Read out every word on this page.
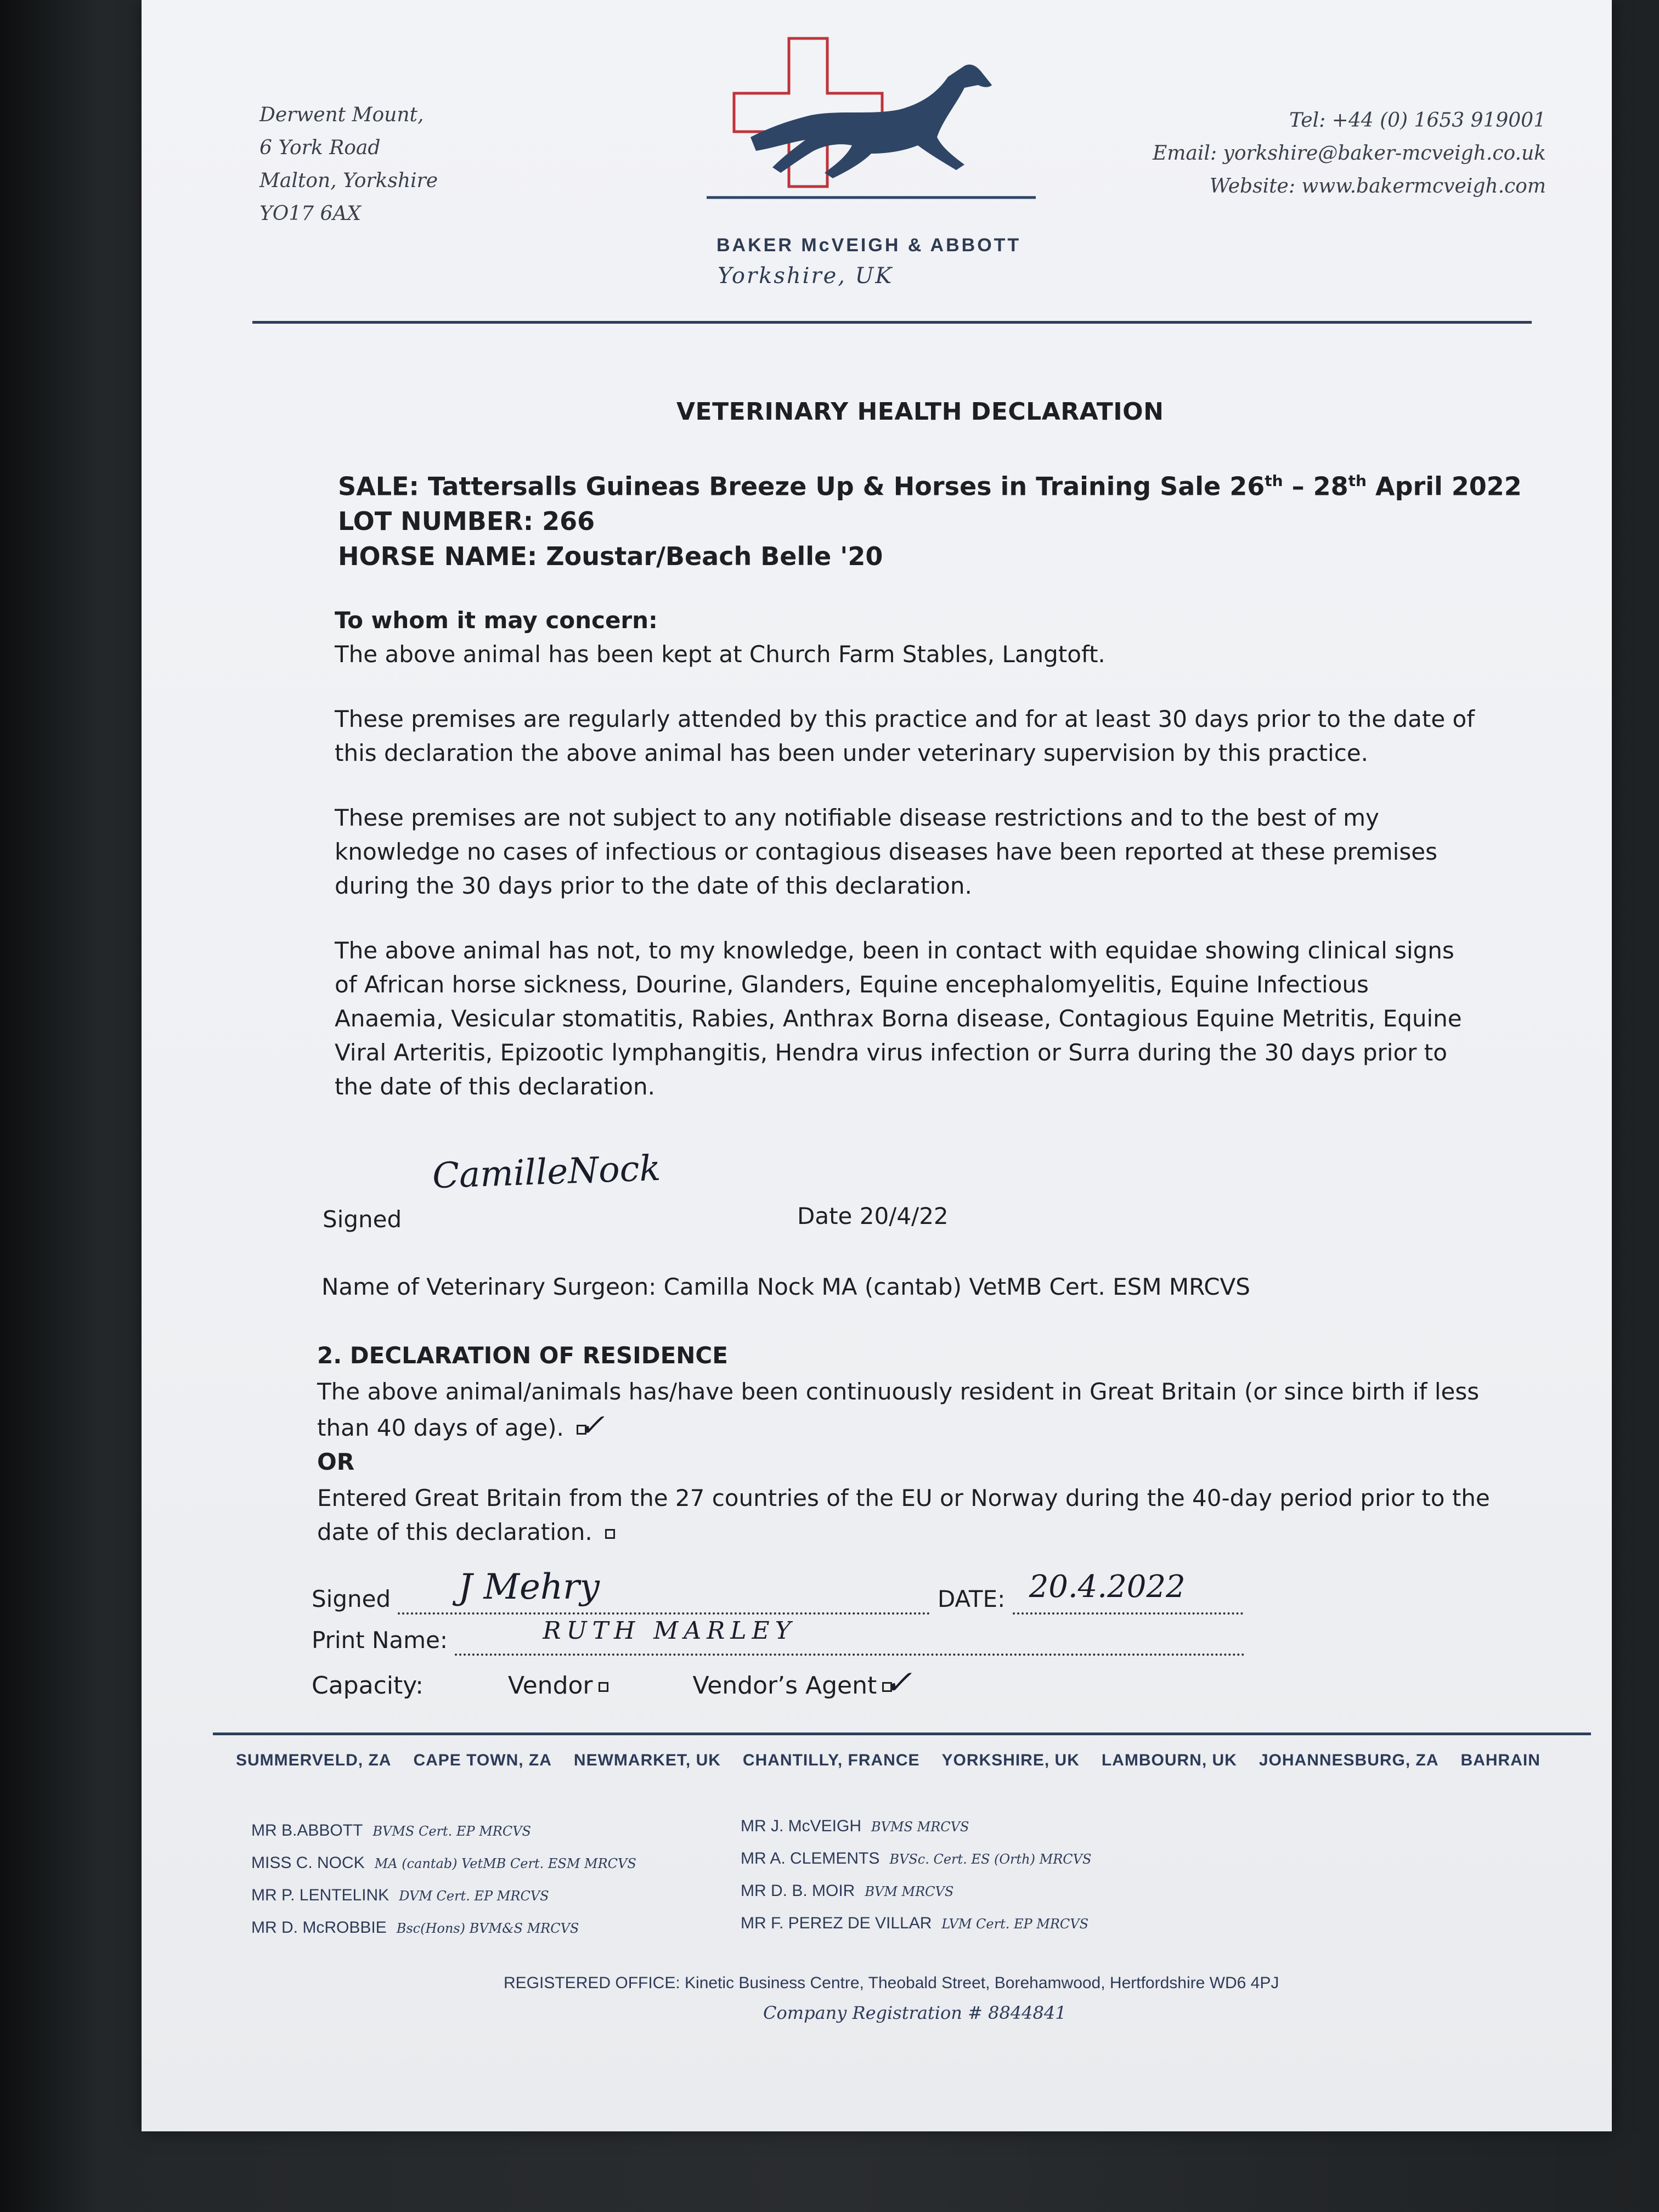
Derwent Mount,
6 York Road
Malton, Yorkshire
YO17 6AX
BAKER McVEIGH & ABBOTT
Yorkshire, UK
Tel: +44 (0) 1653 919001
Email: yorkshire@baker-mcveigh.co.uk
Website: www.bakermcveigh.com
VETERINARY HEALTH DECLARATION
SALE: Tattersalls Guineas Breeze Up & Horses in Training Sale 26th – 28th April 2022
LOT NUMBER: 266
HORSE NAME: Zoustar/Beach Belle '20
To whom it may concern:
The above animal has been kept at Church Farm Stables, Langtoft.
These premises are regularly attended by this practice and for at least 30 days prior to the date of this declaration the above animal has been under veterinary supervision by this practice.
These premises are not subject to any notifiable disease restrictions and to the best of my knowledge no cases of infectious or contagious diseases have been reported at these premises during the 30 days prior to the date of this declaration.
The above animal has not, to my knowledge, been in contact with equidae showing clinical signs of African horse sickness, Dourine, Glanders, Equine encephalomyelitis, Equine Infectious Anaemia, Vesicular stomatitis, Rabies, Anthrax Borna disease, Contagious Equine Metritis, Equine Viral Arteritis, Epizootic lymphangitis, Hendra virus infection or Surra during the 30 days prior to the date of this declaration.
Signed
CamilleNock
Date 20/4/22
Name of Veterinary Surgeon: Camilla Nock MA (cantab) VetMB Cert. ESM MRCVS
2. DECLARATION OF RESIDENCE
The above animal/animals has/have been continuously resident in Great Britain (or since birth if less than 40 days of age). ✓
OR
Entered Great Britain from the 27 countries of the EU or Norway during the 40-day period prior to the date of this declaration.
Signed J Mehry	DATE: 20.4.2022

Print Name:	RUTH MARLEY

Capacity:	Vendor	Vendor’s Agent ✓
SUMMERVELD, ZA CAPE TOWN, ZA NEWMARKET, UK CHANTILLY, FRANCE YORKSHIRE, UK LAMBOURN, UK JOHANNESBURG, ZA BAHRAIN
MR B.ABBOTT BVMS Cert. EP MRCVS
MISS C. NOCK MA (cantab) VetMB Cert. ESM MRCVS
MR P. LENTELINK DVM Cert. EP MRCVS
MR D. McROBBIE Bsc(Hons) BVM&S MRCVS
MR J. McVEIGH BVMS MRCVS
MR A. CLEMENTS BVSc. Cert. ES (Orth) MRCVS
MR D. B. MOIR BVM MRCVS
MR F. PEREZ DE VILLAR LVM Cert. EP MRCVS
REGISTERED OFFICE: Kinetic Business Centre, Theobald Street, Borehamwood, Hertfordshire WD6 4PJ
Company Registration # 8844841
